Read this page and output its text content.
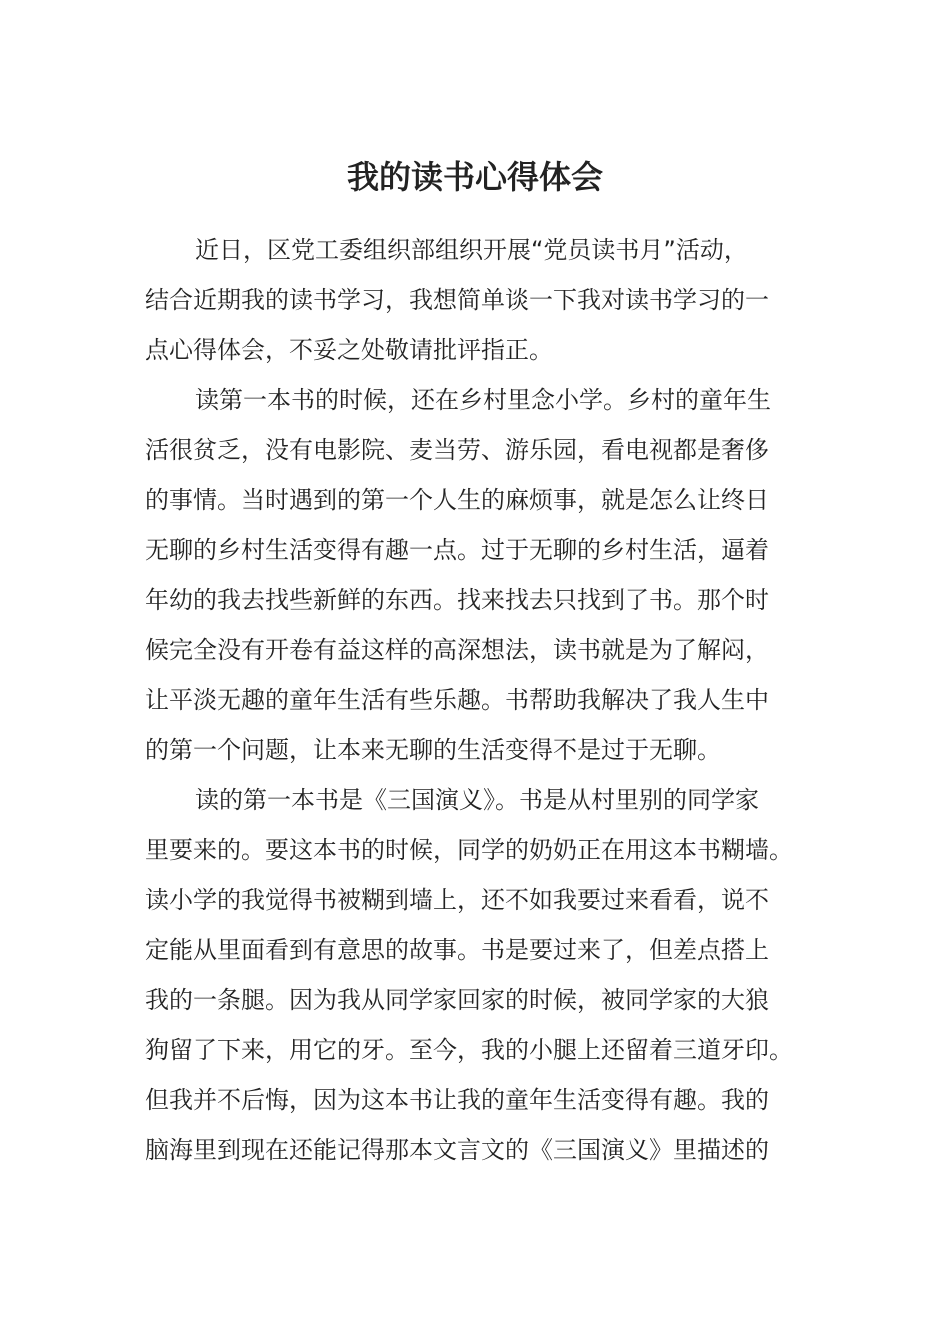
我的读书心得体会

近日，区党工委组织部组织开展“党员读书月”活动，
结合近期我的读书学习，我想简单谈一下我对读书学习的一
点心得体会，不妥之处敬请批评指正。

读第一本书的时候，还在乡村里念小学。乡村的童年生
活很贫乏，没有电影院、麦当劳、游乐园，看电视都是奢侈
的事情。当时遇到的第一个人生的麻烦事，就是怎么让终日
无聊的乡村生活变得有趣一点。过于无聊的乡村生活，逼着
年幼的我去找些新鲜的东西。找来找去只找到了书。那个时
候完全没有开卷有益这样的高深想法，读书就是为了解闷，
让平淡无趣的童年生活有些乐趣。书帮助我解决了我人生中
的第一个问题，让本来无聊的生活变得不是过于无聊。

读的第一本书是《三国演义》。书是从村里别的同学家
里要来的。要这本书的时候，同学的奶奶正在用这本书糊墙。
读小学的我觉得书被糊到墙上，还不如我要过来看看，说不
定能从里面看到有意思的故事。书是要过来了，但差点搭上
我的一条腿。因为我从同学家回家的时候，被同学家的大狼
狗留了下来，用它的牙。至今，我的小腿上还留着三道牙印。
但我并不后悔，因为这本书让我的童年生活变得有趣。我的
脑海里到现在还能记得那本文言文的《三国演义》里描述的
